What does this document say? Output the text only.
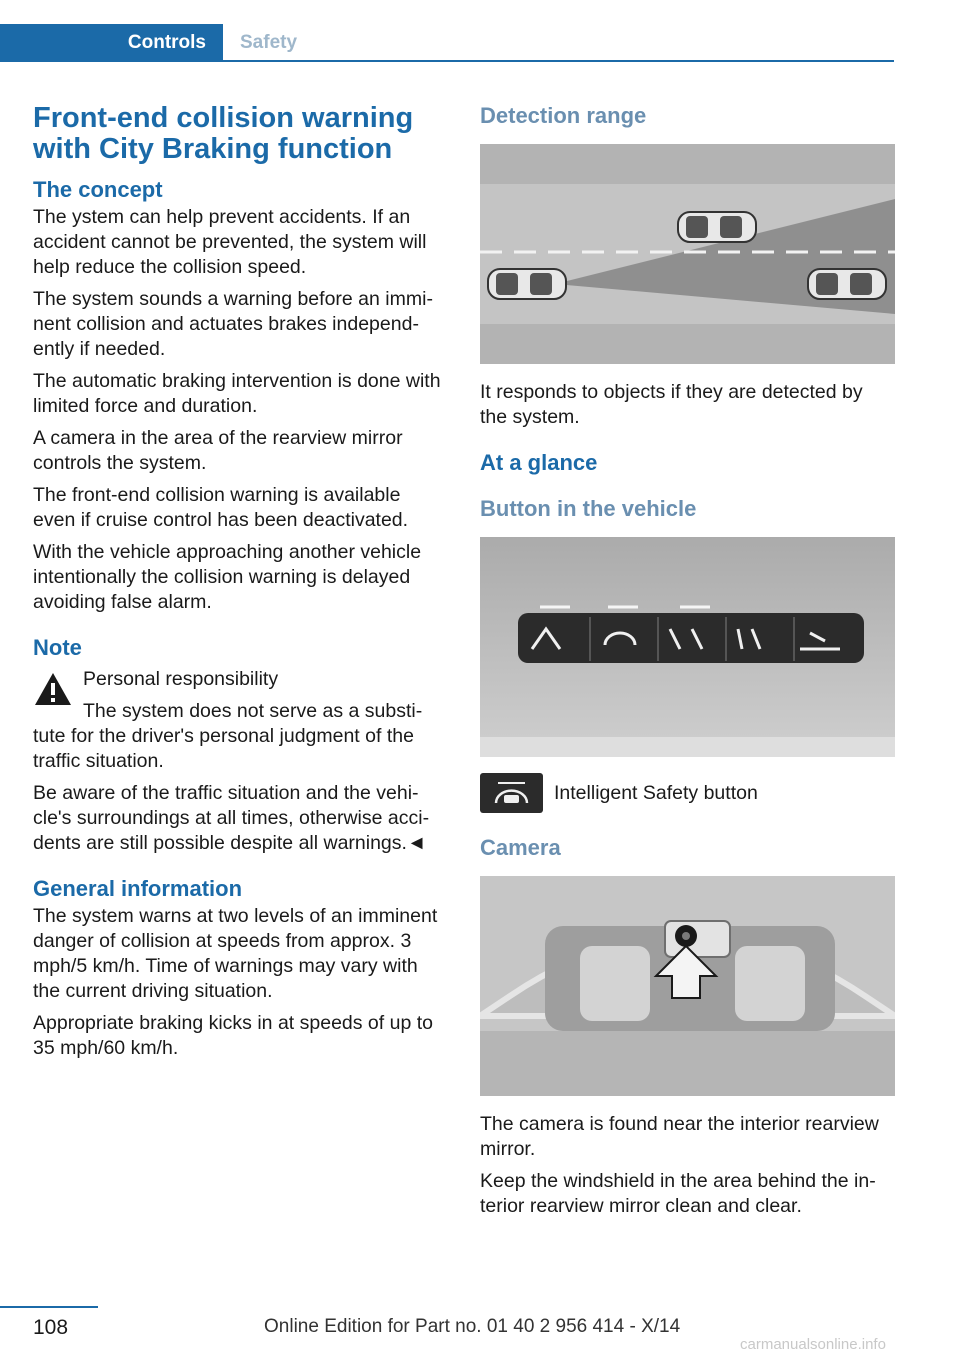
Controls Safety
Front-end collision warning with City Braking function
The concept

The ystem can help prevent accidents. If an accident cannot be prevented, the system will help reduce the collision speed.

The system sounds a warning before an imminent collision and actuates brakes independently if needed.

The automatic braking intervention is done with limited force and duration.

A camera in the area of the rearview mirror controls the system.

The front-end collision warning is available even if cruise control has been deactivated.

With the vehicle approaching another vehicle intentionally the collision warning is delayed avoiding false alarm.

Note

Personal responsibility

The system does not serve as a substitute for the driver's personal judgment of the traffic situation.

Be aware of the traffic situation and the vehicle's surroundings at all times, otherwise accidents are still possible despite all warnings.◄

General information

The system warns at two levels of an imminent danger of collision at speeds from approx. 3 mph/5 km/h. Time of warnings may vary with the current driving situation.

Appropriate braking kicks in at speeds of up to 35 mph/60 km/h.

Detection range

It responds to objects if they are detected by the system.

At a glance
Button in the vehicle
Intelligent Safety button
Camera

The camera is found near the interior rearview mirror.

Keep the windshield in the area behind the interior rearview mirror clean and clear.

108	Online Edition for Part no. 01 40 2 956 414 - X/14
carmanualsonline.info
